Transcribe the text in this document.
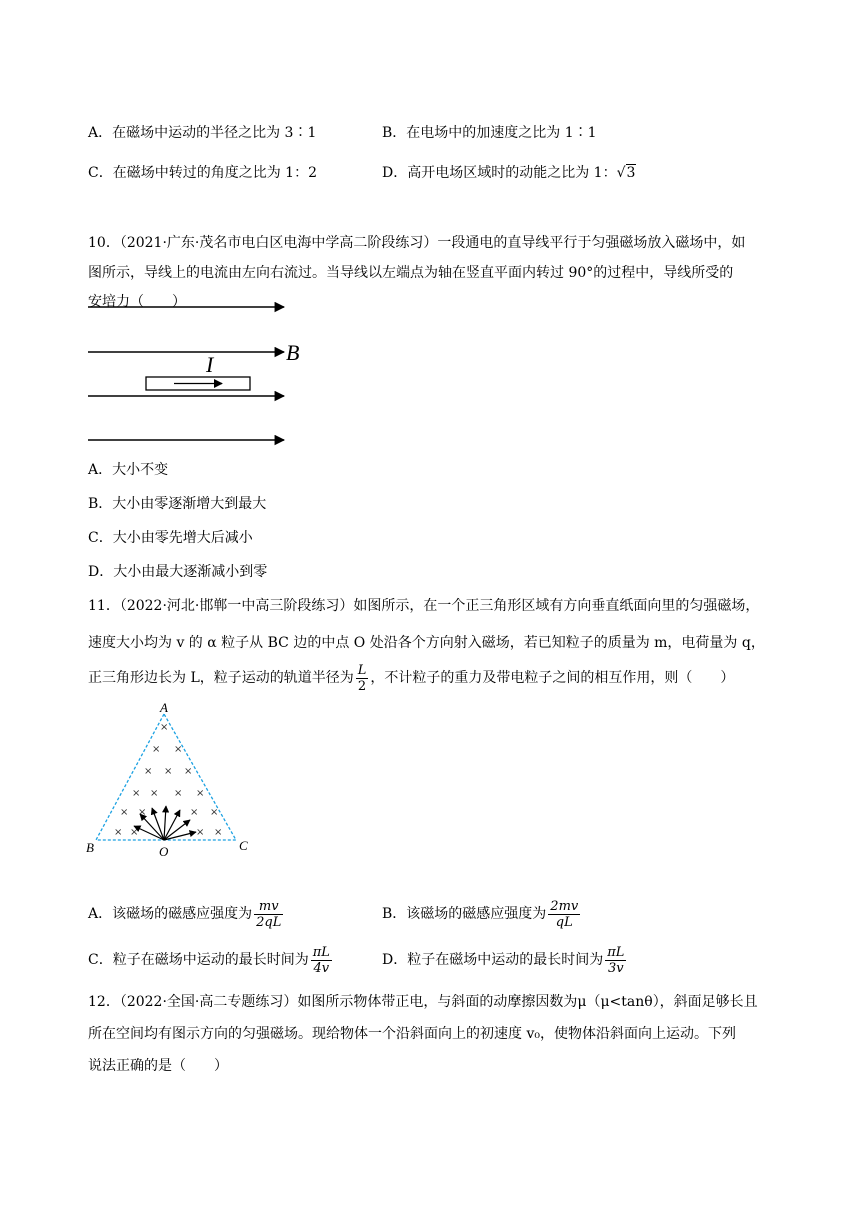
A．在磁场中运动的半径之比为 3∶1	B．在电场中的加速度之比为 1∶1
C．在磁场中转过的角度之比为 1：2	D．高开电场区域时的动能之比为 1：√3
10．（2021·广东·茂名市电白区电海中学高二阶段练习）一段通电的直导线平行于匀强磁场放入磁场中，如
图所示，导线上的电流由左向右流过。当导线以左端点为轴在竖直平面内转过 90°的过程中，导线所受的
安培力（　　）
I	B
A．大小不变
B．大小由零逐渐增大到最大
C．大小由零先增大后减小
D．大小由最大逐渐减小到零
11．（2022·河北·邯郸一中高三阶段练习）如图所示，在一个正三角形区域有方向垂直纸面向里的匀强磁场，
速度大小均为 v 的 α 粒子从 BC 边的中点 O 处沿各个方向射入磁场，若已知粒子的质量为 m，电荷量为 q，
正三角形边长为 L，粒子运动的轨道半径为 $\frac{L}{2}$ ，不计粒子的重力及带电粒子之间的相互作用，则（　　）
×
× ×
× × ×
× × × ×
× ×	× ×
× ×	× ×
A
B	C
O
A．该磁场的磁感应强度为 $\frac{mv}{2qL}$	B．该磁场的磁感应强度为 $\frac{2mv}{qL}$
C．粒子在磁场中运动的最长时间为 $\frac{\pi L}{4v}$	D．粒子在磁场中运动的最长时间为 $\frac{\pi L}{3v}$
12．（2022·全国·高二专题练习）如图所示物体带正电，与斜面的动摩擦因数为μ（μ<tanθ），斜面足够长且
所在空间均有图示方向的匀强磁场。现给物体一个沿斜面向上的初速度 v₀，使物体沿斜面向上运动。下列
说法正确的是（　　）
